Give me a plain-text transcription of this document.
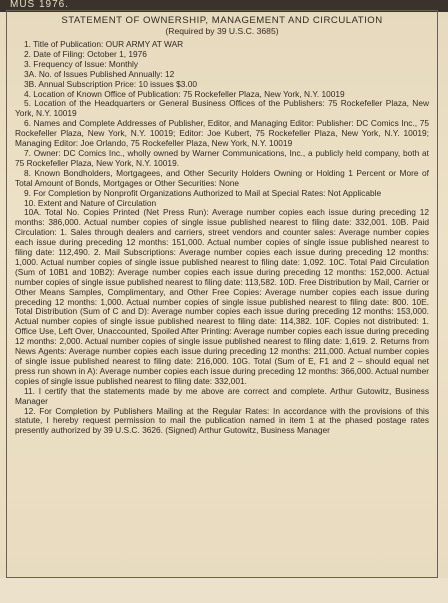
MUS 1976.

STATEMENT OF OWNERSHIP, MANAGEMENT AND CIRCULATION

(Required by 39 U.S.C. 3685)

1. Title of Publication: OUR ARMY AT WAR

2. Date of Filing: October 1, 1976

3. Frequency of Issue: Monthly

3A. No. of Issues Published Annually: 12

3B. Annual Subscription Price: 10 issues $3.00

4. Location of Known Office of Publication: 75 Rockefeller Plaza, New York, N.Y. 10019

5. Location of the Headquarters or General Business Offices of the Publishers: 75 Rockefeller Plaza, New York, N.Y. 10019

6. Names and Complete Addresses of Publisher, Editor, and Managing Editor: Publisher: DC Comics Inc., 75 Rockefeller Plaza, New York, N.Y. 10019; Editor: Joe Kubert, 75 Rockefeller Plaza, New York, N.Y. 10019; Managing Editor: Joe Orlando, 75 Rockefeller Plaza, New York, N.Y. 10019

7. Owner: DC Comics Inc., wholly owned by Warner Communications, Inc., a publicly held company, both at 75 Rockefeller Plaza, New York, N.Y. 10019.

8. Known Bondholders, Mortgagees, and Other Security Holders Owning or Holding 1 Percent or More of Total Amount of Bonds, Mortgages or Other Securities: None

9. For Completion by Nonprofit Organizations Authorized to Mail at Special Rates: Not Applicable

10. Extent and Nature of Circulation

10A. Total No. Copies Printed (Net Press Run): Average number copies each issue during preceding 12 months: 386,000. Actual number copies of single issue published nearest to filing date: 332,001. 10B. Paid Circulation: 1. Sales through dealers and carriers, street vendors and counter sales: Average number copies each issue during preceding 12 months: 151,000. Actual number copies of single issue published nearest to filing date: 112,490. 2. Mail Subscriptions: Average number copies each issue during preceding 12 months: 1,000. Actual number copies of single issue published nearest to filing date: 1,092. 10C. Total Paid Circulation (Sum of 10B1 and 10B2): Average number copies each issue during preceding 12 months: 152,000. Actual number copies of single issue published nearest to filing date: 113,582. 10D. Free Distribution by Mail, Carrier or Other Means Samples, Complimentary, and Other Free Copies: Average number copies each issue during preceding 12 months: 1,000. Actual number copies of single issue published nearest to filing date: 800. 10E. Total Distribution (Sum of C and D): Average number copies each issue during preceding 12 months: 153,000. Actual number copies of single issue published nearest to filing date: 114,382. 10F. Copies not distributed: 1. Office Use, Left Over, Unaccounted, Spoiled After Printing: Average number copies each issue during preceding 12 months: 2,000. Actual number copies of single issue published nearest to filing date: 1,619. 2. Returns from News Agents: Average number copies each issue during preceding 12 months: 211,000. Actual number copies of single issue published nearest to filing date: 216,000. 10G. Total (Sum of E, F1 and 2 – should equal net press run shown in A): Average number copies each issue during preceding 12 months: 366,000. Actual number copies of single issue published nearest to filing date: 332,001.

11. I certify that the statements made by me above are correct and complete. Arthur Gutowitz, Business Manager

12. For Completion by Publishers Mailing at the Regular Rates: In accordance with the provisions of this statute, I hereby request permission to mail the publication named in item 1 at the phased postage rates presently authorized by 39 U.S.C. 3626. (Signed) Arthur Gutowitz, Business Manager
